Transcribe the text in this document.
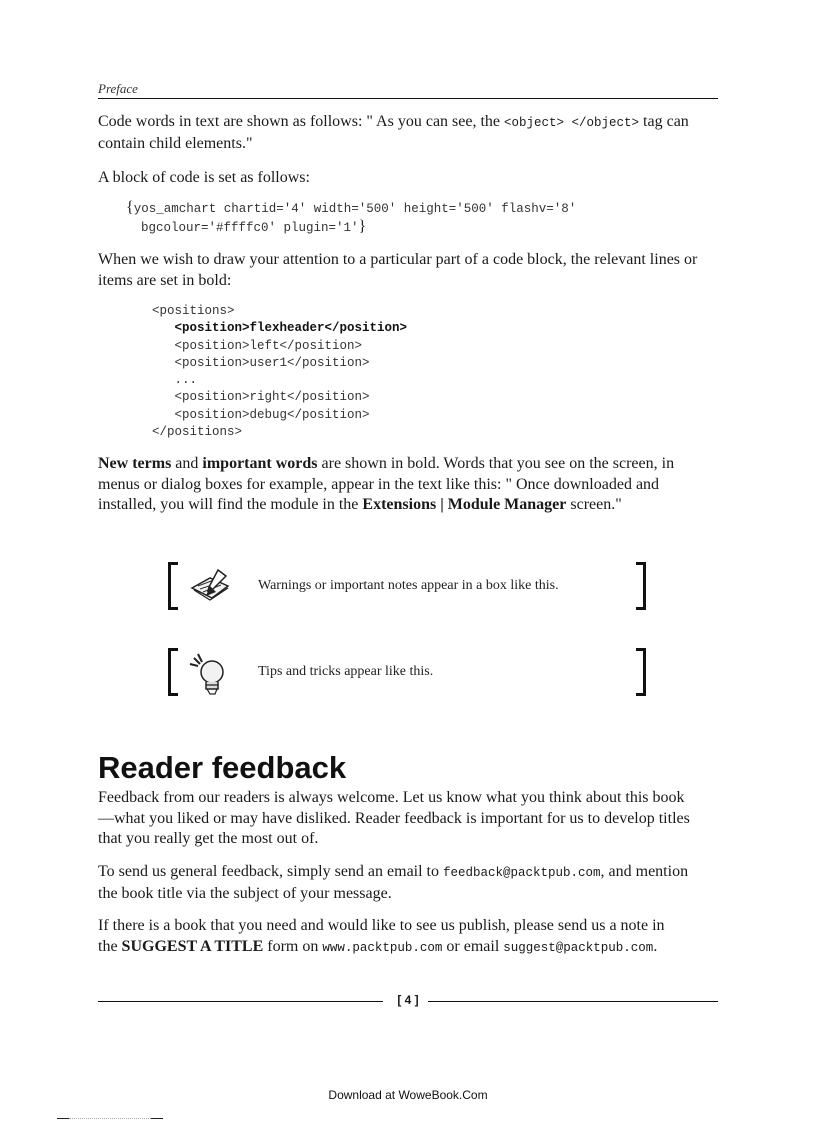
Preface

Code words in text are shown as follows: " As you can see, the <object> </object> tag can contain child elements."

A block of code is set as follows:

{yos_amchart chartid='4' width='500' height='500' flashv='8'
bgcolour='#ffffc0' plugin='1'}

When we wish to draw your attention to a particular part of a code block, the relevant lines or items are set in bold:

<positions>
<position>flexheader</position>
<position>left</position>
<position>user1</position>
...
<position>right</position>
<position>debug</position>
</positions>

New terms and important words are shown in bold. Words that you see on the screen, in menus or dialog boxes for example, appear in the text like this: " Once downloaded and installed, you will find the module in the Extensions | Module Manager screen."

Warnings or important notes appear in a box like this.
Tips and tricks appear like this.
Reader feedback

Feedback from our readers is always welcome. Let us know what you think about this book—what you liked or may have disliked. Reader feedback is important for us to develop titles that you really get the most out of.

To send us general feedback, simply send an email to feedback@packtpub.com, and mention the book title via the subject of your message.

If there is a book that you need and would like to see us publish, please send us a note in the SUGGEST A TITLE form on www.packtpub.com or email suggest@packtpub.com.

[ 4 ]
Download at WoweBook.Com
